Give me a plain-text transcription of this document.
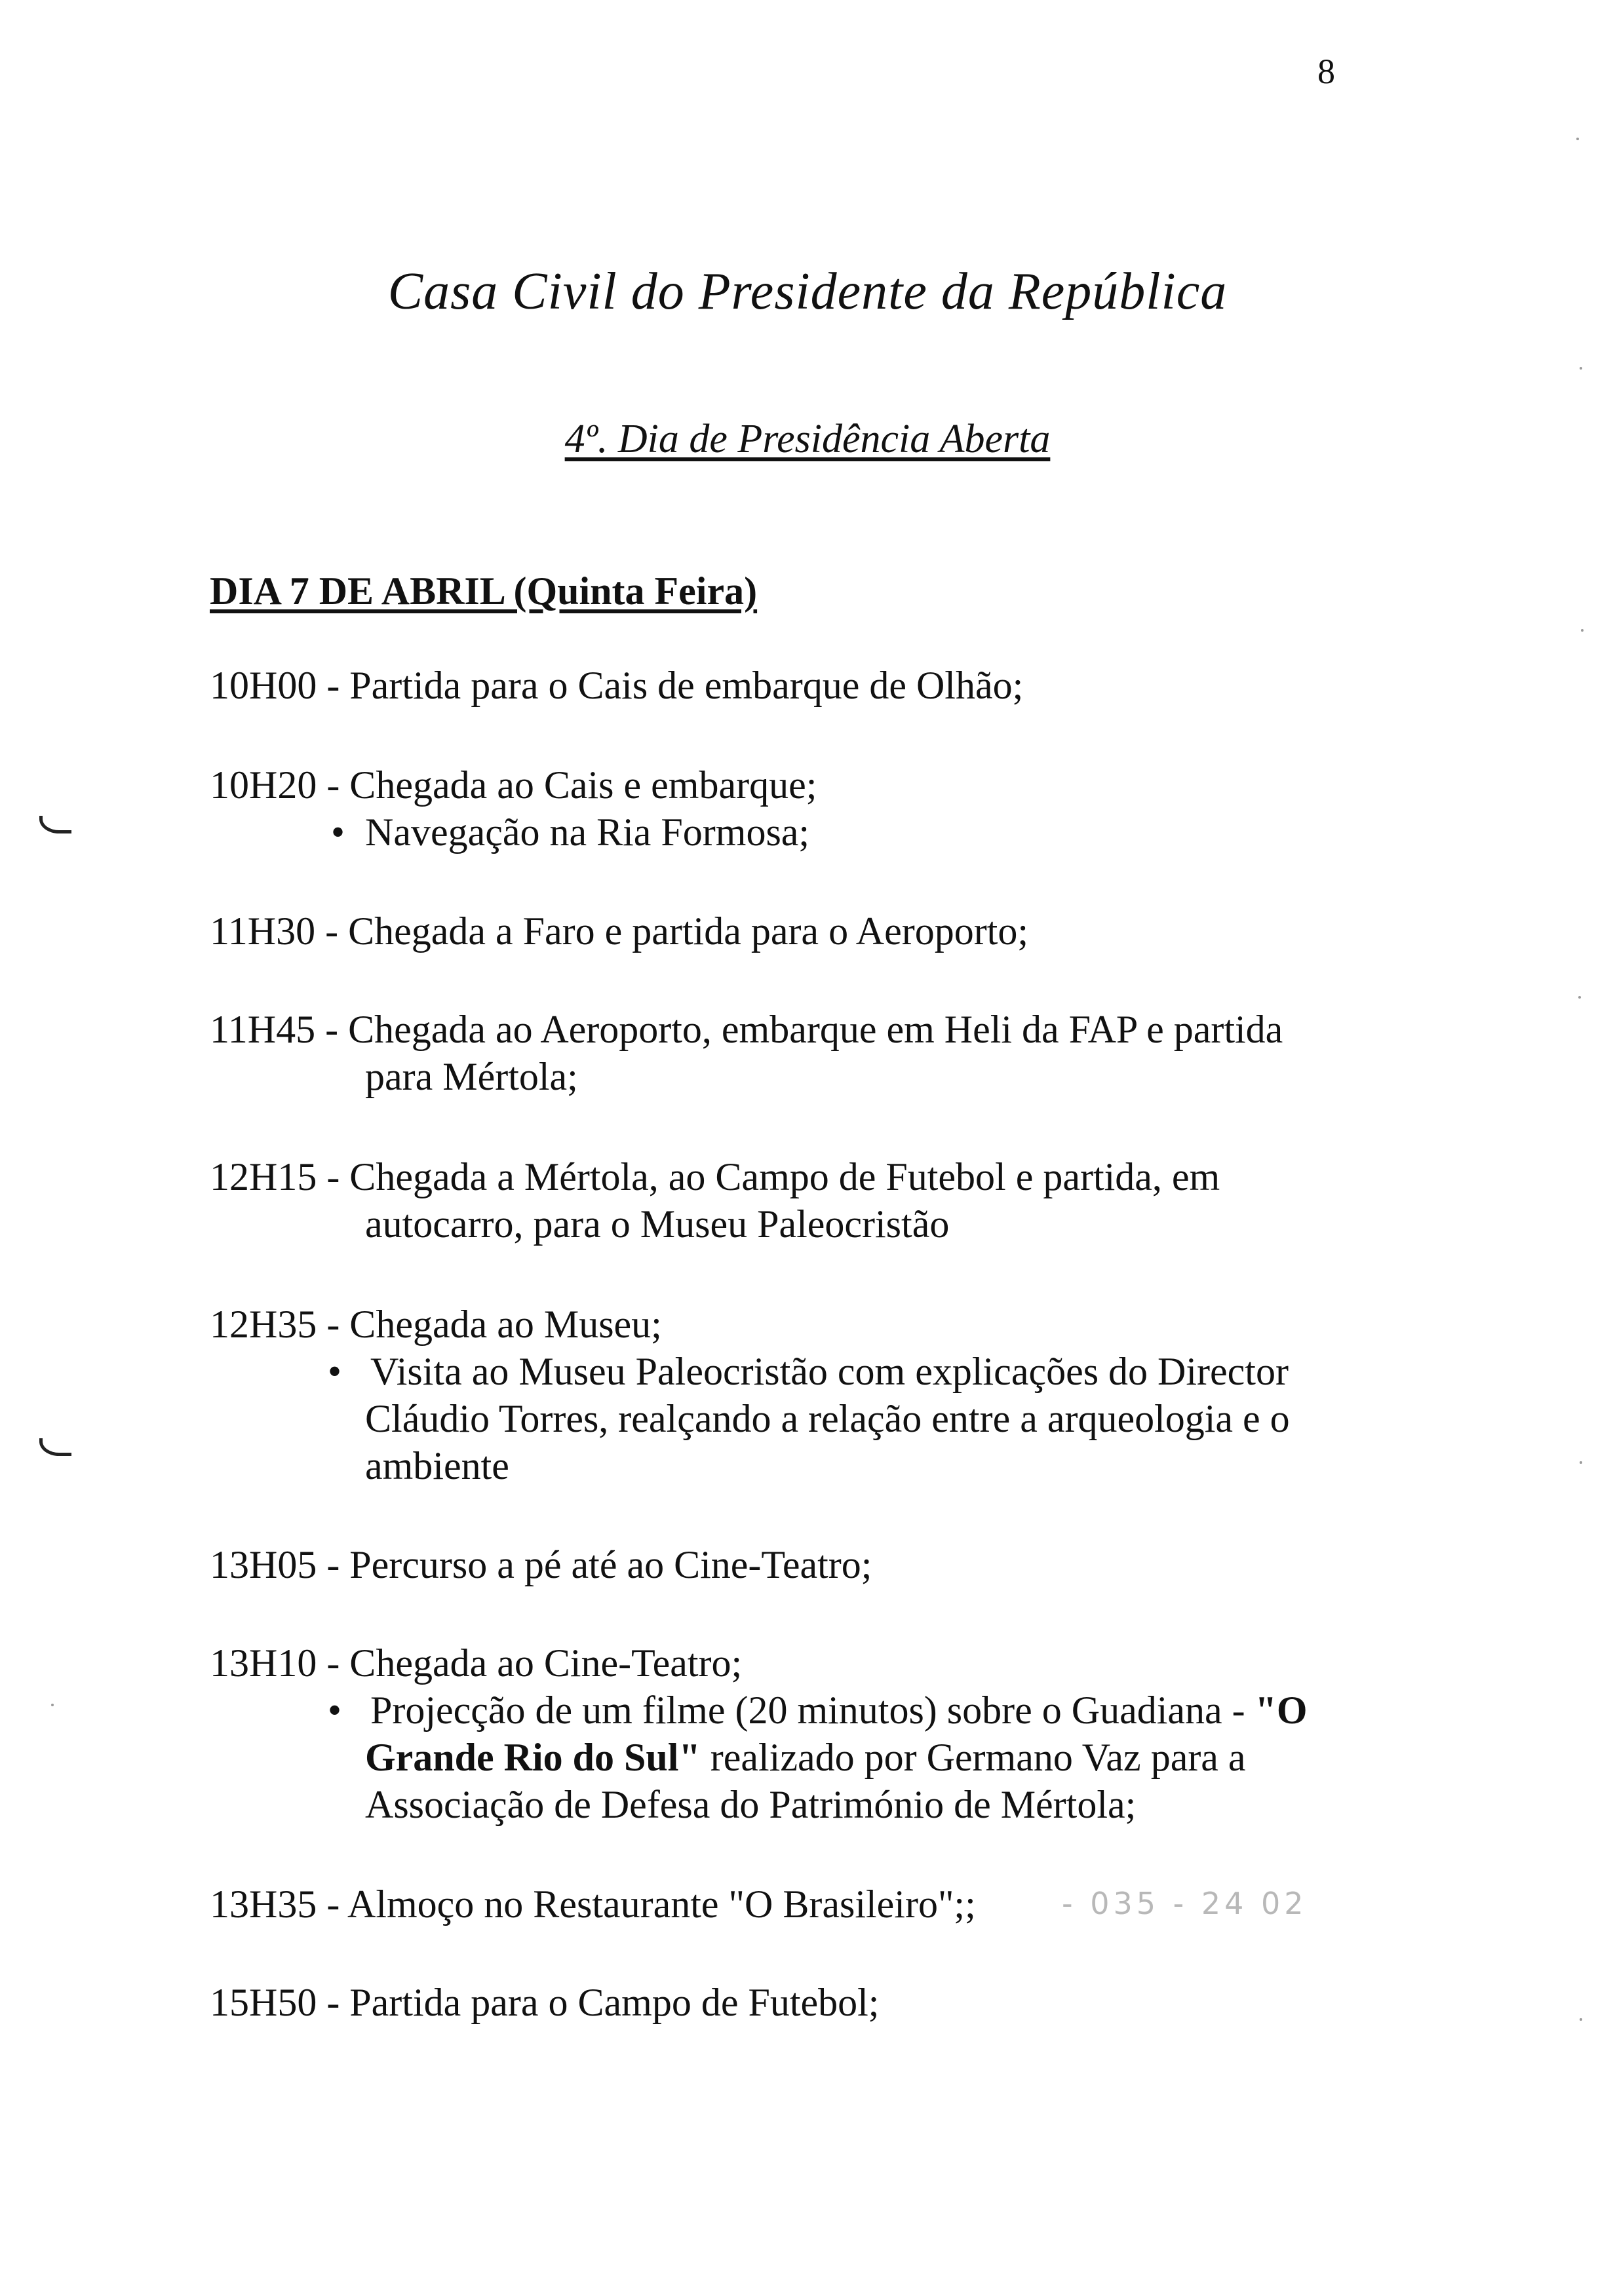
8
Casa Civil do Presidente da República
4º. Dia de Presidência Aberta
DIA 7 DE ABRIL (Quinta Feira)
10H00 - Partida para o Cais de embarque de Olhão;
10H20 - Chegada ao Cais e embarque;
• Navegação na Ria Formosa;
11H30 - Chegada a Faro e partida para o Aeroporto;
11H45 - Chegada ao Aeroporto, embarque em Heli da FAP e partida
para Mértola;
12H15 - Chegada a Mértola, ao Campo de Futebol e partida, em
autocarro, para o Museu Paleocristão
12H35 - Chegada ao Museu;
• Visita ao Museu Paleocristão com explicações do Director
Cláudio Torres, realçando a relação entre a arqueologia e o
ambiente
13H05 - Percurso a pé até ao Cine-Teatro;
13H10 - Chegada ao Cine-Teatro;
• Projecção de um filme (20 minutos) sobre o Guadiana - "O
Grande Rio do Sul" realizado por Germano Vaz para a
Associação de Defesa do Património de Mértola;
13H35 - Almoço no Restaurante "O Brasileiro";;
15H50 - Partida para o Campo de Futebol;
- 035 - 24 02
